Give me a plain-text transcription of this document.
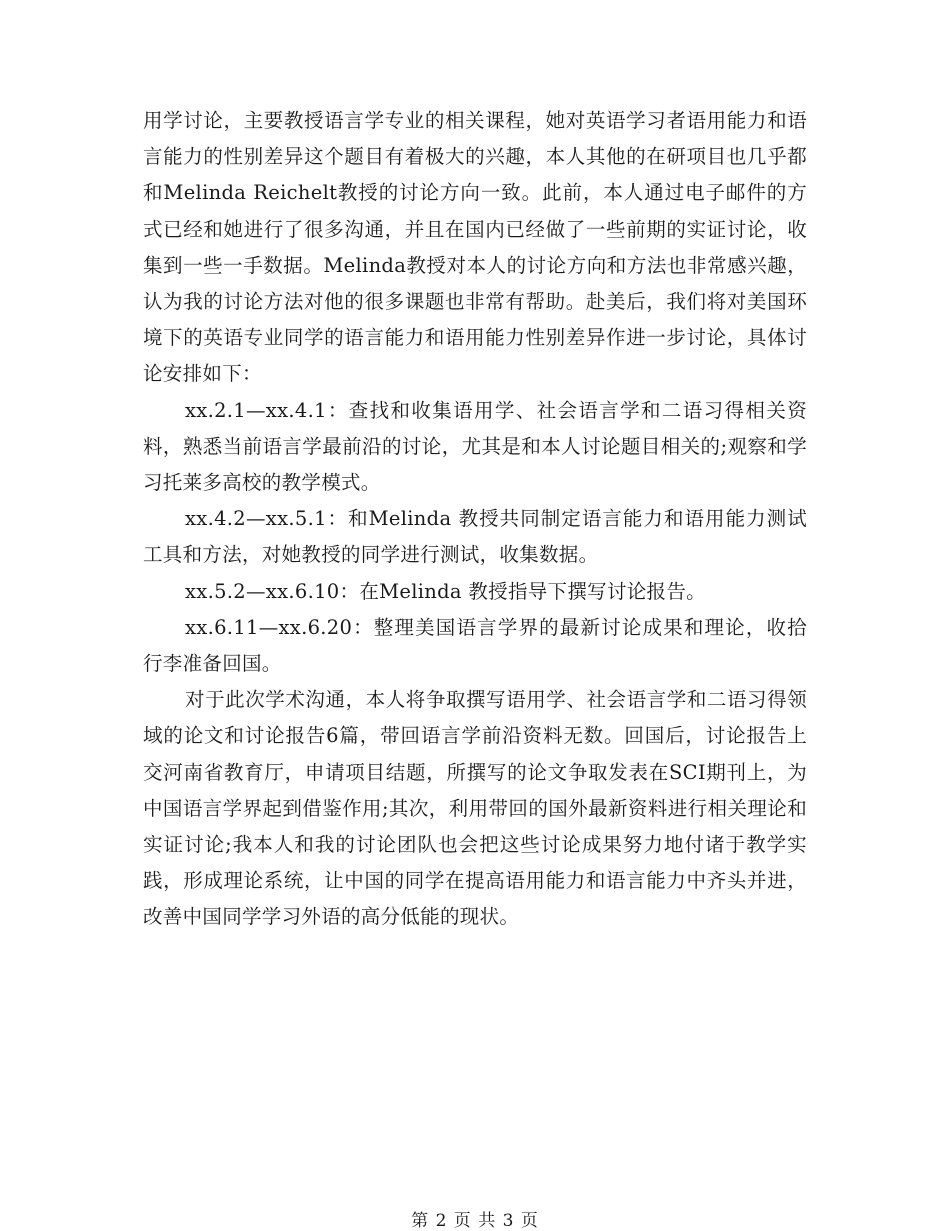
用学讨论，主要教授语言学专业的相关课程，她对英语学习者语用能力和语言能力的性别差异这个题目有着极大的兴趣，本人其他的在研项目也几乎都和Melinda Reichelt教授的讨论方向一致。此前，本人通过电子邮件的方式已经和她进行了很多沟通，并且在国内已经做了一些前期的实证讨论，收集到一些一手数据。Melinda教授对本人的讨论方向和方法也非常感兴趣，认为我的讨论方法对他的很多课题也非常有帮助。赴美后，我们将对美国环境下的英语专业同学的语言能力和语用能力性别差异作进一步讨论，具体讨论安排如下：

xx.2.1—xx.4.1：查找和收集语用学、社会语言学和二语习得相关资料，熟悉当前语言学最前沿的讨论，尤其是和本人讨论题目相关的;观察和学习托莱多高校的教学模式。

xx.4.2—xx.5.1：和Melinda 教授共同制定语言能力和语用能力测试工具和方法，对她教授的同学进行测试，收集数据。

xx.5.2—xx.6.10：在Melinda 教授指导下撰写讨论报告。

xx.6.11—xx.6.20：整理美国语言学界的最新讨论成果和理论，收拾行李准备回国。

对于此次学术沟通，本人将争取撰写语用学、社会语言学和二语习得领域的论文和讨论报告6篇，带回语言学前沿资料无数。回国后，讨论报告上交河南省教育厅，申请项目结题，所撰写的论文争取发表在SCI期刊上，为中国语言学界起到借鉴作用;其次，利用带回的国外最新资料进行相关理论和实证讨论;我本人和我的讨论团队也会把这些讨论成果努力地付诸于教学实践，形成理论系统，让中国的同学在提高语用能力和语言能力中齐头并进，改善中国同学学习外语的高分低能的现状。

第 2 页 共 3 页
